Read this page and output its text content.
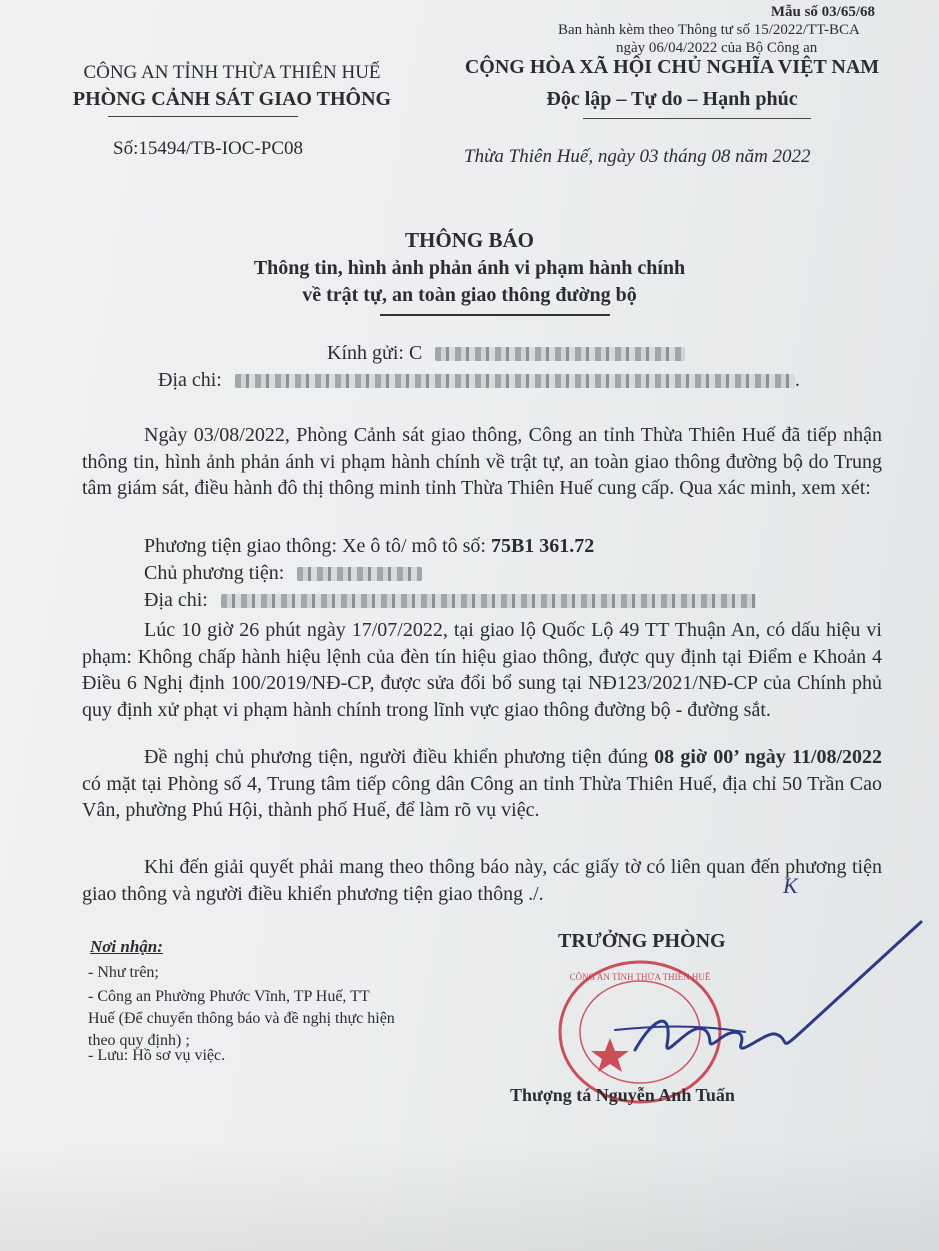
Mẫu số 03/65/68
Ban hành kèm theo Thông tư số 15/2022/TT-BCA
ngày 06/04/2022 của Bộ Công an
CÔNG AN TỈNH THỪA THIÊN HUẾ
PHÒNG CẢNH SÁT GIAO THÔNG
CỘNG HÒA XÃ HỘI CHỦ NGHĨA VIỆT NAM
Độc lập – Tự do – Hạnh phúc
Số:15494/TB-IOC-PC08	Thừa Thiên Huế, ngày 03 tháng 08 năm 2022
THÔNG BÁO
Thông tin, hình ảnh phản ánh vi phạm hành chính
về trật tự, an toàn giao thông đường bộ
Kính gửi: C
Địa chi:	.
Ngày 03/08/2022, Phòng Cảnh sát giao thông, Công an tỉnh Thừa Thiên Huế đã tiếp nhận thông tin, hình ảnh phản ánh vi phạm hành chính về trật tự, an toàn giao thông đường bộ do Trung tâm giám sát, điều hành đô thị thông minh tỉnh Thừa Thiên Huế cung cấp. Qua xác minh, xem xét:
Phương tiện giao thông: Xe ô tô/ mô tô số: 75B1 361.72
Chủ phương tiện:
Địa chi:
Lúc 10 giờ 26 phút ngày 17/07/2022, tại giao lộ Quốc Lộ 49 TT Thuận An, có dấu hiệu vi phạm: Không chấp hành hiệu lệnh của đèn tín hiệu giao thông, được quy định tại Điểm e Khoản 4 Điều 6 Nghị định 100/2019/NĐ-CP, được sửa đổi bổ sung tại NĐ123/2021/NĐ-CP của Chính phủ quy định xử phạt vi phạm hành chính trong lĩnh vực giao thông đường bộ - đường sắt.
Đề nghị chủ phương tiện, người điều khiển phương tiện đúng 08 giờ 00’ ngày 11/08/2022 có mặt tại Phòng số 4, Trung tâm tiếp công dân Công an tỉnh Thừa Thiên Huế, địa chỉ 50 Trần Cao Vân, phường Phú Hội, thành phố Huế, để làm rõ vụ việc.
Khi đến giải quyết phải mang theo thông báo này, các giấy tờ có liên quan đến phương tiện giao thông và người điều khiển phương tiện giao thông ./.	K
Nơi nhận:
- Như trên;
- Công an Phường Phước Vĩnh, TP Huế, TT
Huế (Để chuyển thông báo và đề nghị thực hiện
theo quy định) ;
- Lưu: Hồ sơ vụ việc.
TRƯỞNG PHÒNG
CÔNG AN TỈNH THỪA THIÊN HUẾ
Thượng tá Nguyễn Anh Tuấn
